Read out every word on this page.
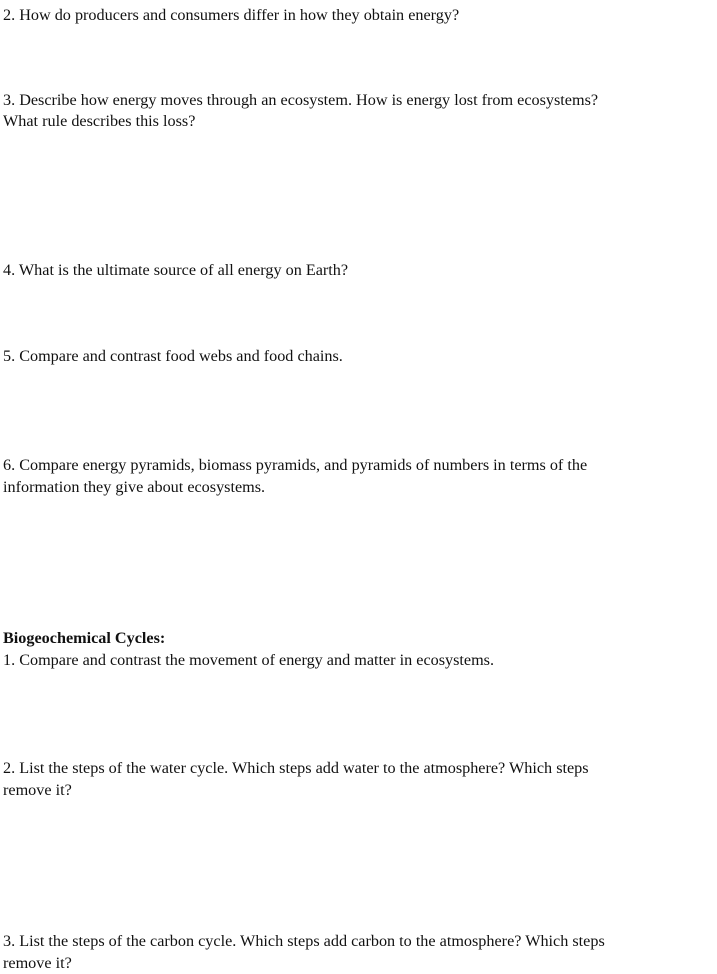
2. How do producers and consumers differ in how they obtain energy?

3. Describe how energy moves through an ecosystem. How is energy lost from ecosystems?

What rule describes this loss?

4. What is the ultimate source of all energy on Earth?

5. Compare and contrast food webs and food chains.

6. Compare energy pyramids, biomass pyramids, and pyramids of numbers in terms of the

information they give about ecosystems.

Biogeochemical Cycles:

1. Compare and contrast the movement of energy and matter in ecosystems.

2. List the steps of the water cycle. Which steps add water to the atmosphere? Which steps

remove it?

3. List the steps of the carbon cycle. Which steps add carbon to the atmosphere? Which steps

remove it?
